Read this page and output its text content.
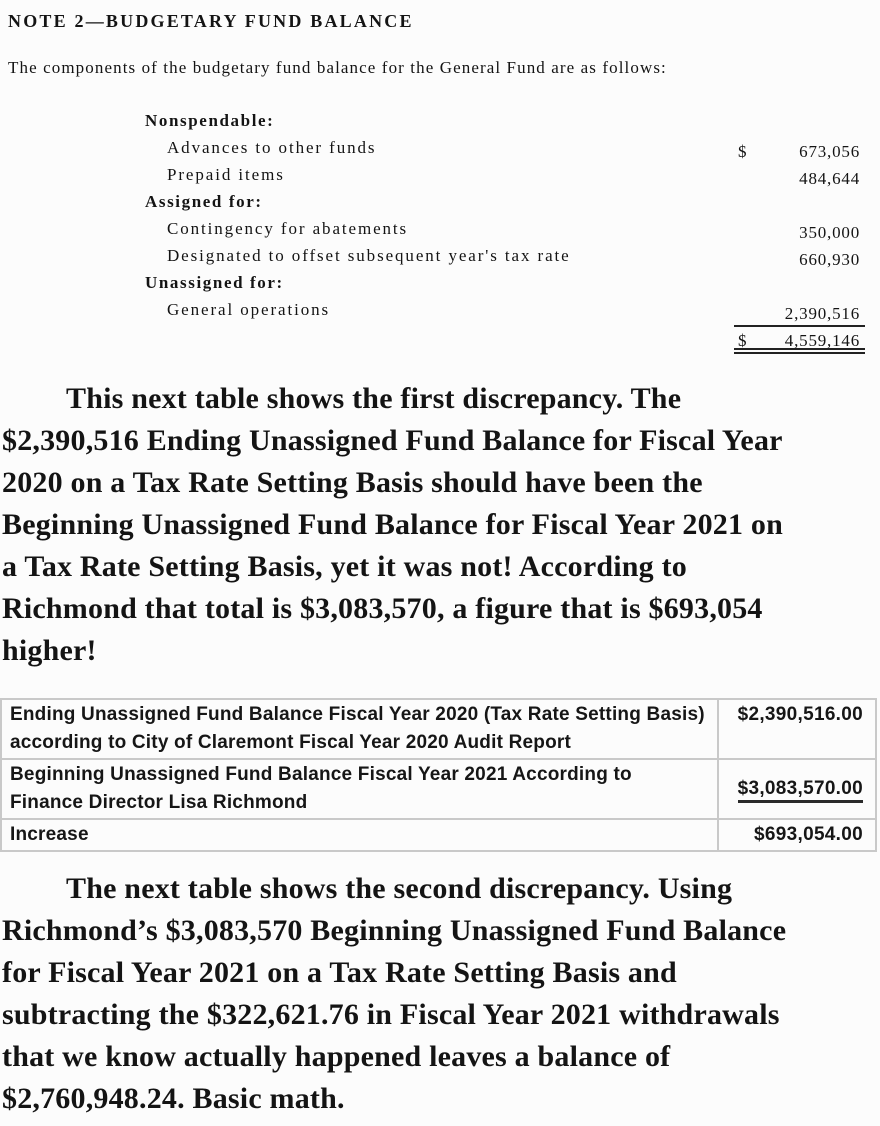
NOTE 2—BUDGETARY FUND BALANCE

The components of the budgetary fund balance for the General Fund are as follows:

Nonspendable:
Advances to other funds	$	673,056
Prepaid items	484,644
Assigned for:
Contingency for abatements	350,000
Designated to offset subsequent year's tax rate	660,930
Unassigned for:
General operations	2,390,516
$ 4,559,146

This next table shows the first discrepancy. The
$2,390,516 Ending Unassigned Fund Balance for Fiscal Year
2020 on a Tax Rate Setting Basis should have been the
Beginning Unassigned Fund Balance for Fiscal Year 2021 on
a Tax Rate Setting Basis, yet it was not! According to
Richmond that total is $3,083,570, a figure that is $693,054
higher!

Ending Unassigned Fund Balance Fiscal Year 2020 (Tax Rate Setting Basis) according to City of Claremont Fiscal Year 2020 Audit Report	$2,390,516.00
Beginning Unassigned Fund Balance Fiscal Year 2021 According to Finance Director Lisa Richmond	$3,083,570.00
Increase	$693,054.00

The next table shows the second discrepancy. Using
Richmond’s $3,083,570 Beginning Unassigned Fund Balance
for Fiscal Year 2021 on a Tax Rate Setting Basis and
subtracting the $322,621.76 in Fiscal Year 2021 withdrawals
that we know actually happened leaves a balance of
$2,760,948.24. Basic math.
